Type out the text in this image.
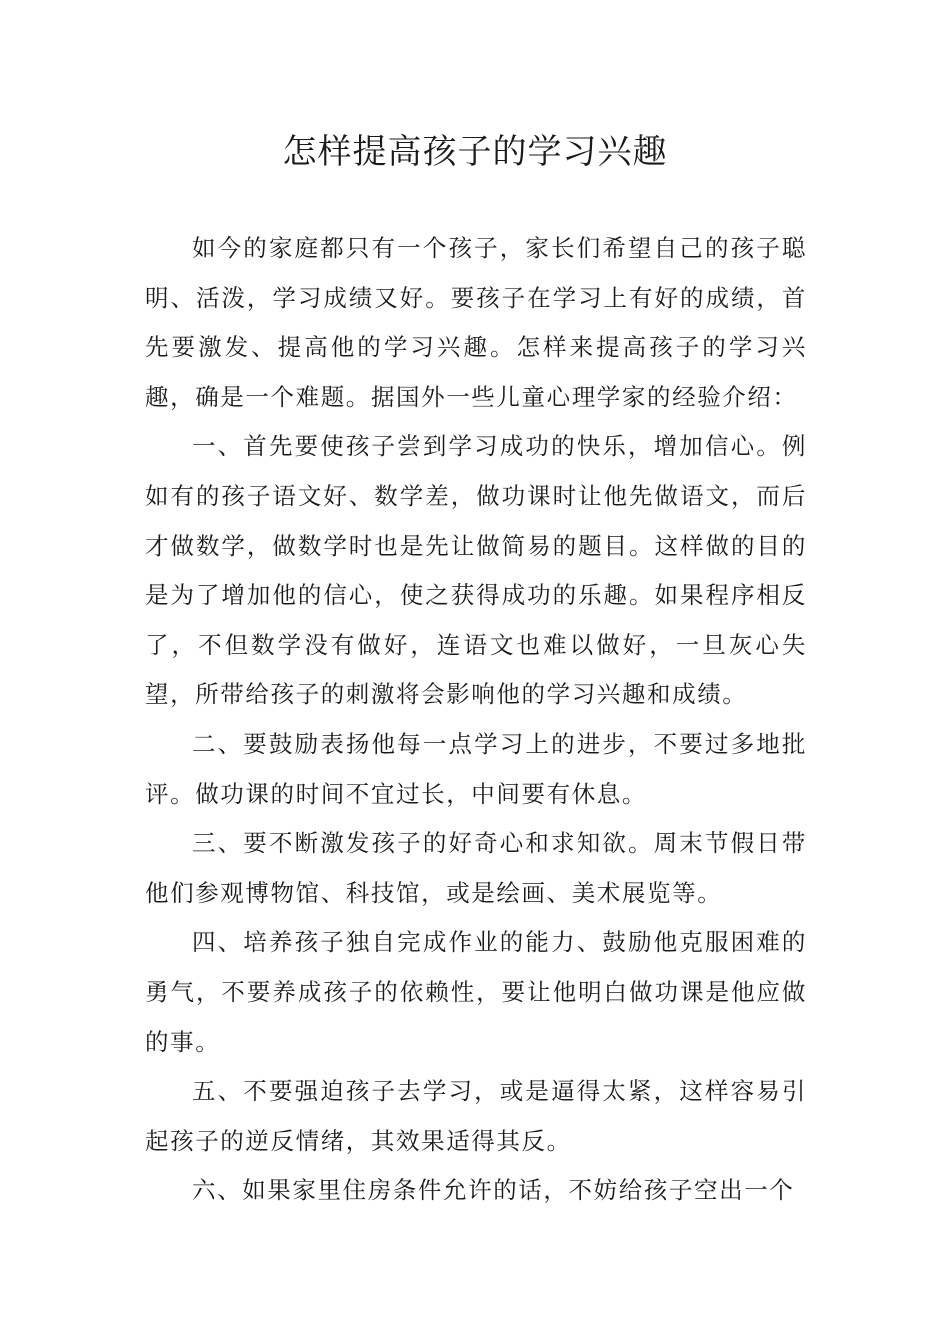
怎样提高孩子的学习兴趣

如今的家庭都只有一个孩子，家长们希望自己的孩子聪明、活泼，学习成绩又好。要孩子在学习上有好的成绩，首先要激发、提高他的学习兴趣。怎样来提高孩子的学习兴趣，确是一个难题。据国外一些儿童心理学家的经验介绍：

一、首先要使孩子尝到学习成功的快乐，增加信心。例如有的孩子语文好、数学差，做功课时让他先做语文，而后才做数学，做数学时也是先让做简易的题目。这样做的目的是为了增加他的信心，使之获得成功的乐趣。如果程序相反了，不但数学没有做好，连语文也难以做好，一旦灰心失望，所带给孩子的刺激将会影响他的学习兴趣和成绩。

二、要鼓励表扬他每一点学习上的进步，不要过多地批评。做功课的时间不宜过长，中间要有休息。

三、要不断激发孩子的好奇心和求知欲。周末节假日带他们参观博物馆、科技馆，或是绘画、美术展览等。

四、培养孩子独自完成作业的能力、鼓励他克服困难的勇气，不要养成孩子的依赖性，要让他明白做功课是他应做的事。

五、不要强迫孩子去学习，或是逼得太紧，这样容易引起孩子的逆反情绪，其效果适得其反。

六、如果家里住房条件允许的话，不妨给孩子空出一个
